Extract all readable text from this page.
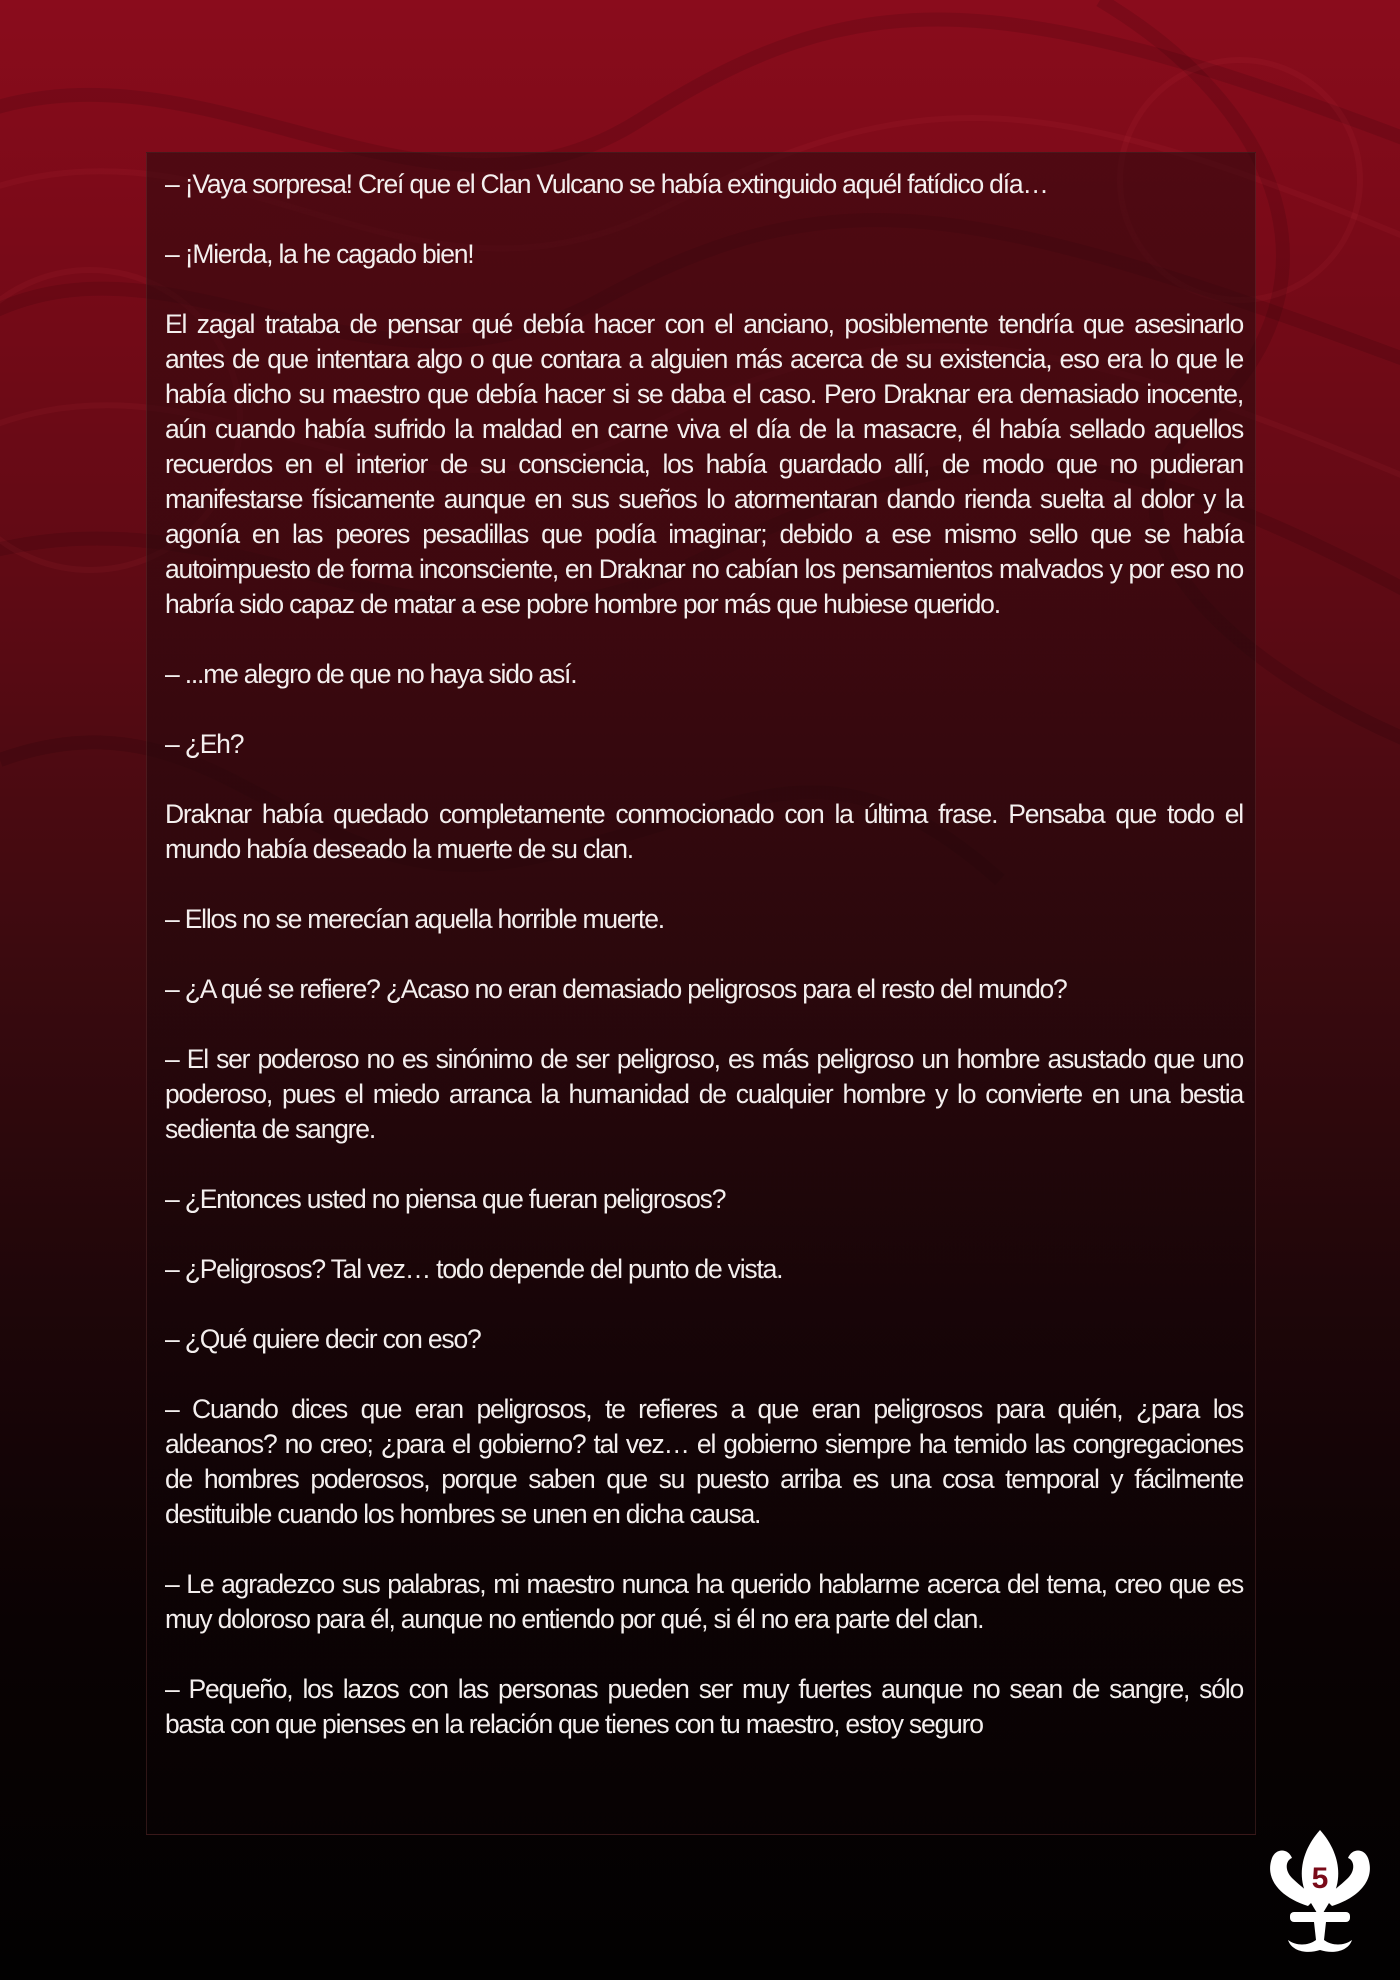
– ¡Vaya sorpresa! Creí que el Clan Vulcano se había extinguido aquél fatídico día…

– ¡Mierda, la he cagado bien!

El zagal trataba de pensar qué debía hacer con el anciano, posiblemente tendría que asesinarlo antes de que intentara algo o que contara a alguien más acerca de su existencia, eso era lo que le había dicho su maestro que debía hacer si se daba el caso. Pero Draknar era demasiado inocente, aún cuando había sufrido la maldad en carne viva el día de la masacre, él había sellado aquellos recuerdos en el interior de su consciencia, los había guardado allí, de modo que no pudieran manifestarse físicamente aunque en sus sueños lo atormentaran dando rienda suelta al dolor y la agonía en las peores pesadillas que podía imaginar; debido a ese mismo sello que se había autoimpuesto de forma inconsciente, en Draknar no cabían los pensamientos malvados y por eso no habría sido capaz de matar a ese pobre hombre por más que hubiese querido.

– ...me alegro de que no haya sido así.

– ¿Eh?

Draknar había quedado completamente conmocionado con la última frase. Pensaba que todo el mundo había deseado la muerte de su clan.

– Ellos no se merecían aquella horrible muerte.

– ¿A qué se refiere? ¿Acaso no eran demasiado peligrosos para el resto del mundo?

– El ser poderoso no es sinónimo de ser peligroso, es más peligroso un hombre asustado que uno poderoso, pues el miedo arranca la humanidad de cualquier hombre y lo convierte en una bestia sedienta de sangre.

– ¿Entonces usted no piensa que fueran peligrosos?

– ¿Peligrosos? Tal vez… todo depende del punto de vista.

– ¿Qué quiere decir con eso?

– Cuando dices que eran peligrosos, te refieres a que eran peligrosos para quién, ¿para los aldeanos? no creo; ¿para el gobierno? tal vez… el gobierno siempre ha temido las congregaciones de hombres poderosos, porque saben que su puesto arriba es una cosa temporal y fácilmente destituible cuando los hombres se unen en dicha causa.

– Le agradezco sus palabras, mi maestro nunca ha querido hablarme acerca del tema, creo que es muy doloroso para él, aunque no entiendo por qué, si él no era parte del clan.

– Pequeño, los lazos con las personas pueden ser muy fuertes aunque no sean de sangre, sólo basta con que pienses en la relación que tienes con tu maestro, estoy seguro

5
